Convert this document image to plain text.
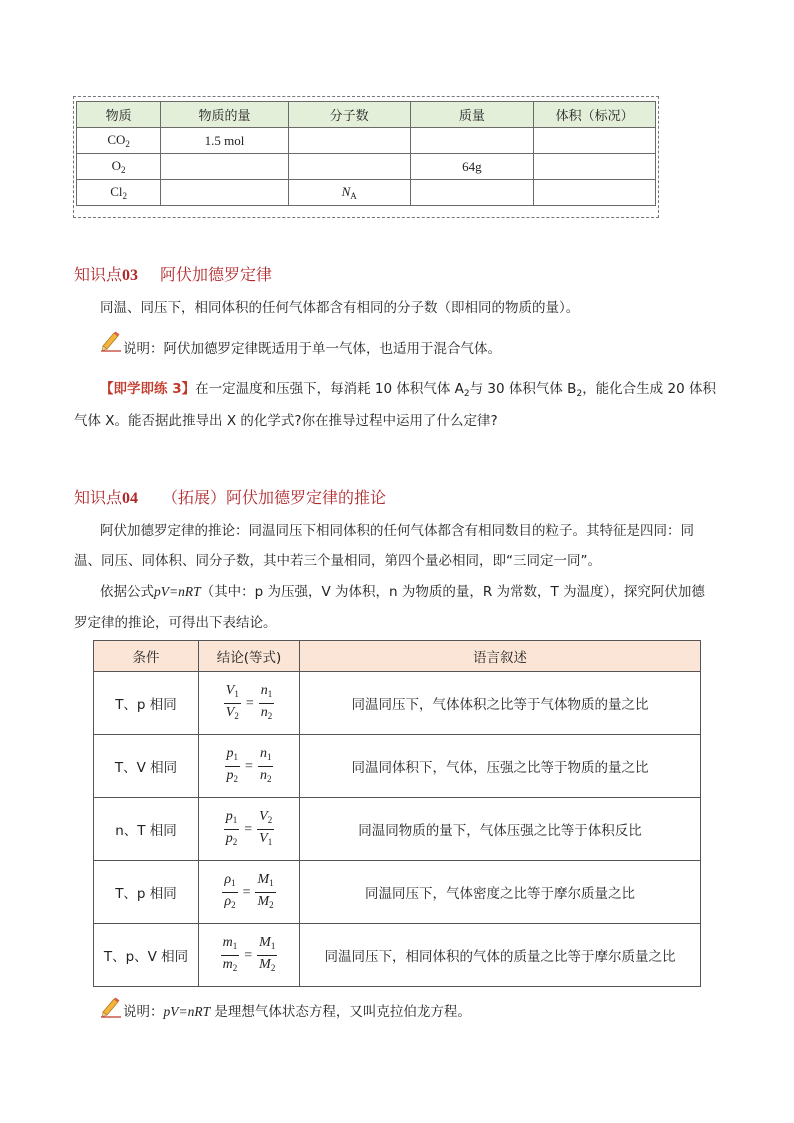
物质	物质的量	分子数	质量	体积（标况）
$CO_2$	1.5 mol			
$O_2$			64g	
$Cl_2$		$N_A$		
知识点03 阿伏加德罗定律
同温、同压下，相同体积的任何气体都含有相同的分子数（即相同的物质的量）。
说明：阿伏加德罗定律既适用于单一气体，也适用于混合气体。
【即学即练 3】在一定温度和压强下，每消耗 10 体积气体 $A_2$与 30 体积气体 $B_2$，能化合生成 20 体积
气体 X。能否据此推导出 X 的化学式?你在推导过程中运用了什么定律?
知识点04 （拓展）阿伏加德罗定律的推论
阿伏加德罗定律的推论：同温同压下相同体积的任何气体都含有相同数目的粒子。其特征是四同：同
温、同压、同体积、同分子数，其中若三个量相同，第四个量必相同，即“三同定一同”。
依据公式pV=nRT（其中：p 为压强，V 为体积，n 为物质的量，R 为常数，T 为温度），探究阿伏加德
罗定律的推论，可得出下表结论。
条件	结论(等式)	语言叙述
T、p 相同	$\frac{V_1}{V_2} = \frac{n_1}{n_2}$	同温同压下，气体体积之比等于气体物质的量之比
T、V 相同	$\frac{p_1}{p_2} = \frac{n_1}{n_2}$	同温同体积下，气体，压强之比等于物质的量之比
n、T 相同	$\frac{p_1}{p_2} = \frac{V_2}{V_1}$	同温同物质的量下，气体压强之比等于体积反比
T、p 相同	$\frac{\rho_1}{\rho_2} = \frac{M_1}{M_2}$	同温同压下，气体密度之比等于摩尔质量之比
T、p、V 相同	$\frac{m_1}{m_2} = \frac{M_1}{M_2}$	同温同压下，相同体积的气体的质量之比等于摩尔质量之比
说明：pV=nRT 是理想气体状态方程，又叫克拉伯龙方程。
